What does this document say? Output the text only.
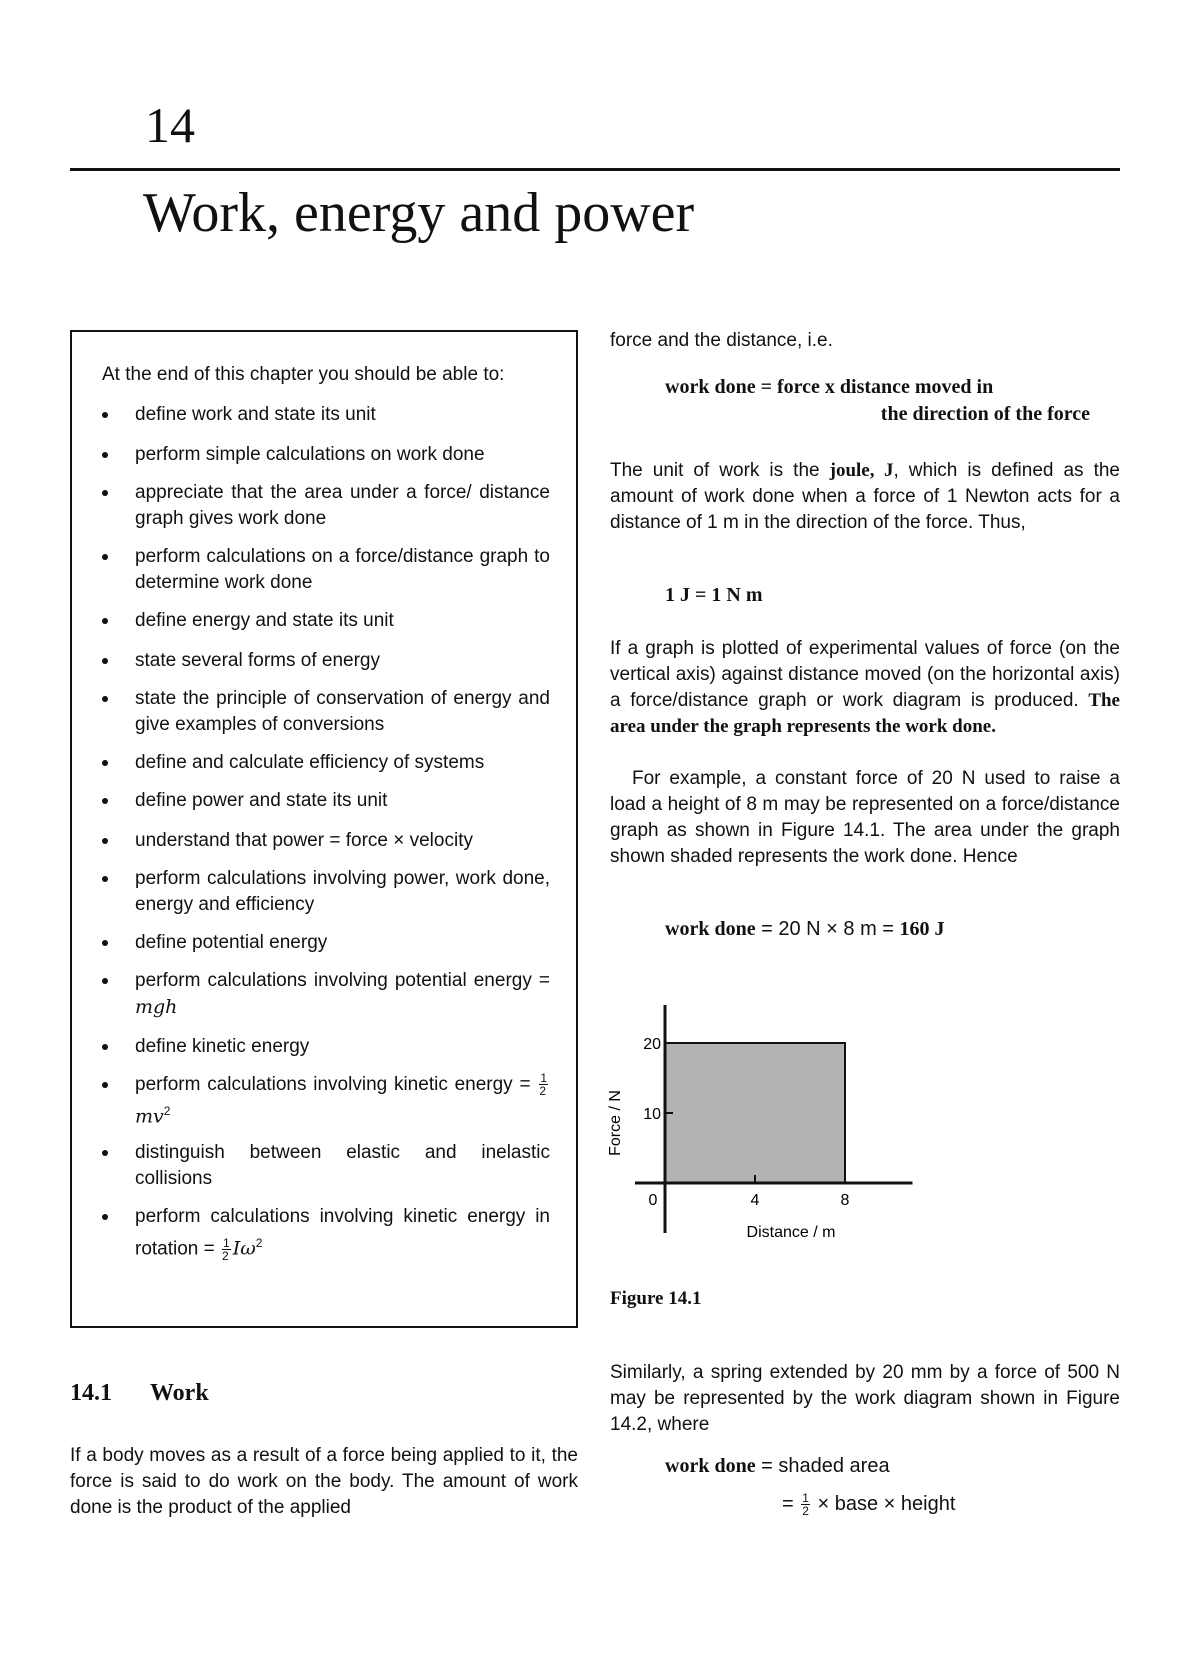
14
Work, energy and power
At the end of this chapter you should be able to:
define work and state its unit
perform simple calculations on work done
appreciate that the area under a force/ distance graph gives work done
perform calculations on a force/distance graph to determine work done
define energy and state its unit
state several forms of energy
state the principle of conservation of energy and give examples of conversions
define and calculate efficiency of systems
define power and state its unit
understand that power = force × velocity
perform calculations involving power, work done, energy and efficiency
define potential energy
perform calculations involving potential energy = mgh
define kinetic energy
perform calculations involving kinetic energy = $\frac{1}{2}$
$mv^2$
distinguish between elastic and inelastic collisions
perform calculations involving kinetic energy in rotation = $\frac{1}{2} I\omega^2$
14.1 Work
If a body moves as a result of a force being applied to it, the force is said to do work on the body. The amount of work done is the product of the applied
force and the distance, i.e.
work done = force x distance moved in
the direction of the force
The unit of work is the joule, J, which is defined as the amount of work done when a force of 1 Newton acts for a distance of 1 m in the direction of the force. Thus,
1 J = 1 N m
If a graph is plotted of experimental values of force (on the vertical axis) against distance moved (on the horizontal axis) a force/distance graph or work diagram is produced. The area under the graph represents the work done.
For example, a constant force of 20 N used to raise a load a height of 8 m may be represented on a force/distance graph as shown in Figure 14.1. The area under the graph shown shaded represents the work done. Hence
work done = 20 N × 8 m = 160 J
0	4	8
10
20
Distance / m
Force / N
Figure 14.1
Similarly, a spring extended by 20 mm by a force of 500 N may be represented by the work diagram shown in Figure 14.2, where
work done = shaded area
= $\frac{1}{2}$ × base × height
